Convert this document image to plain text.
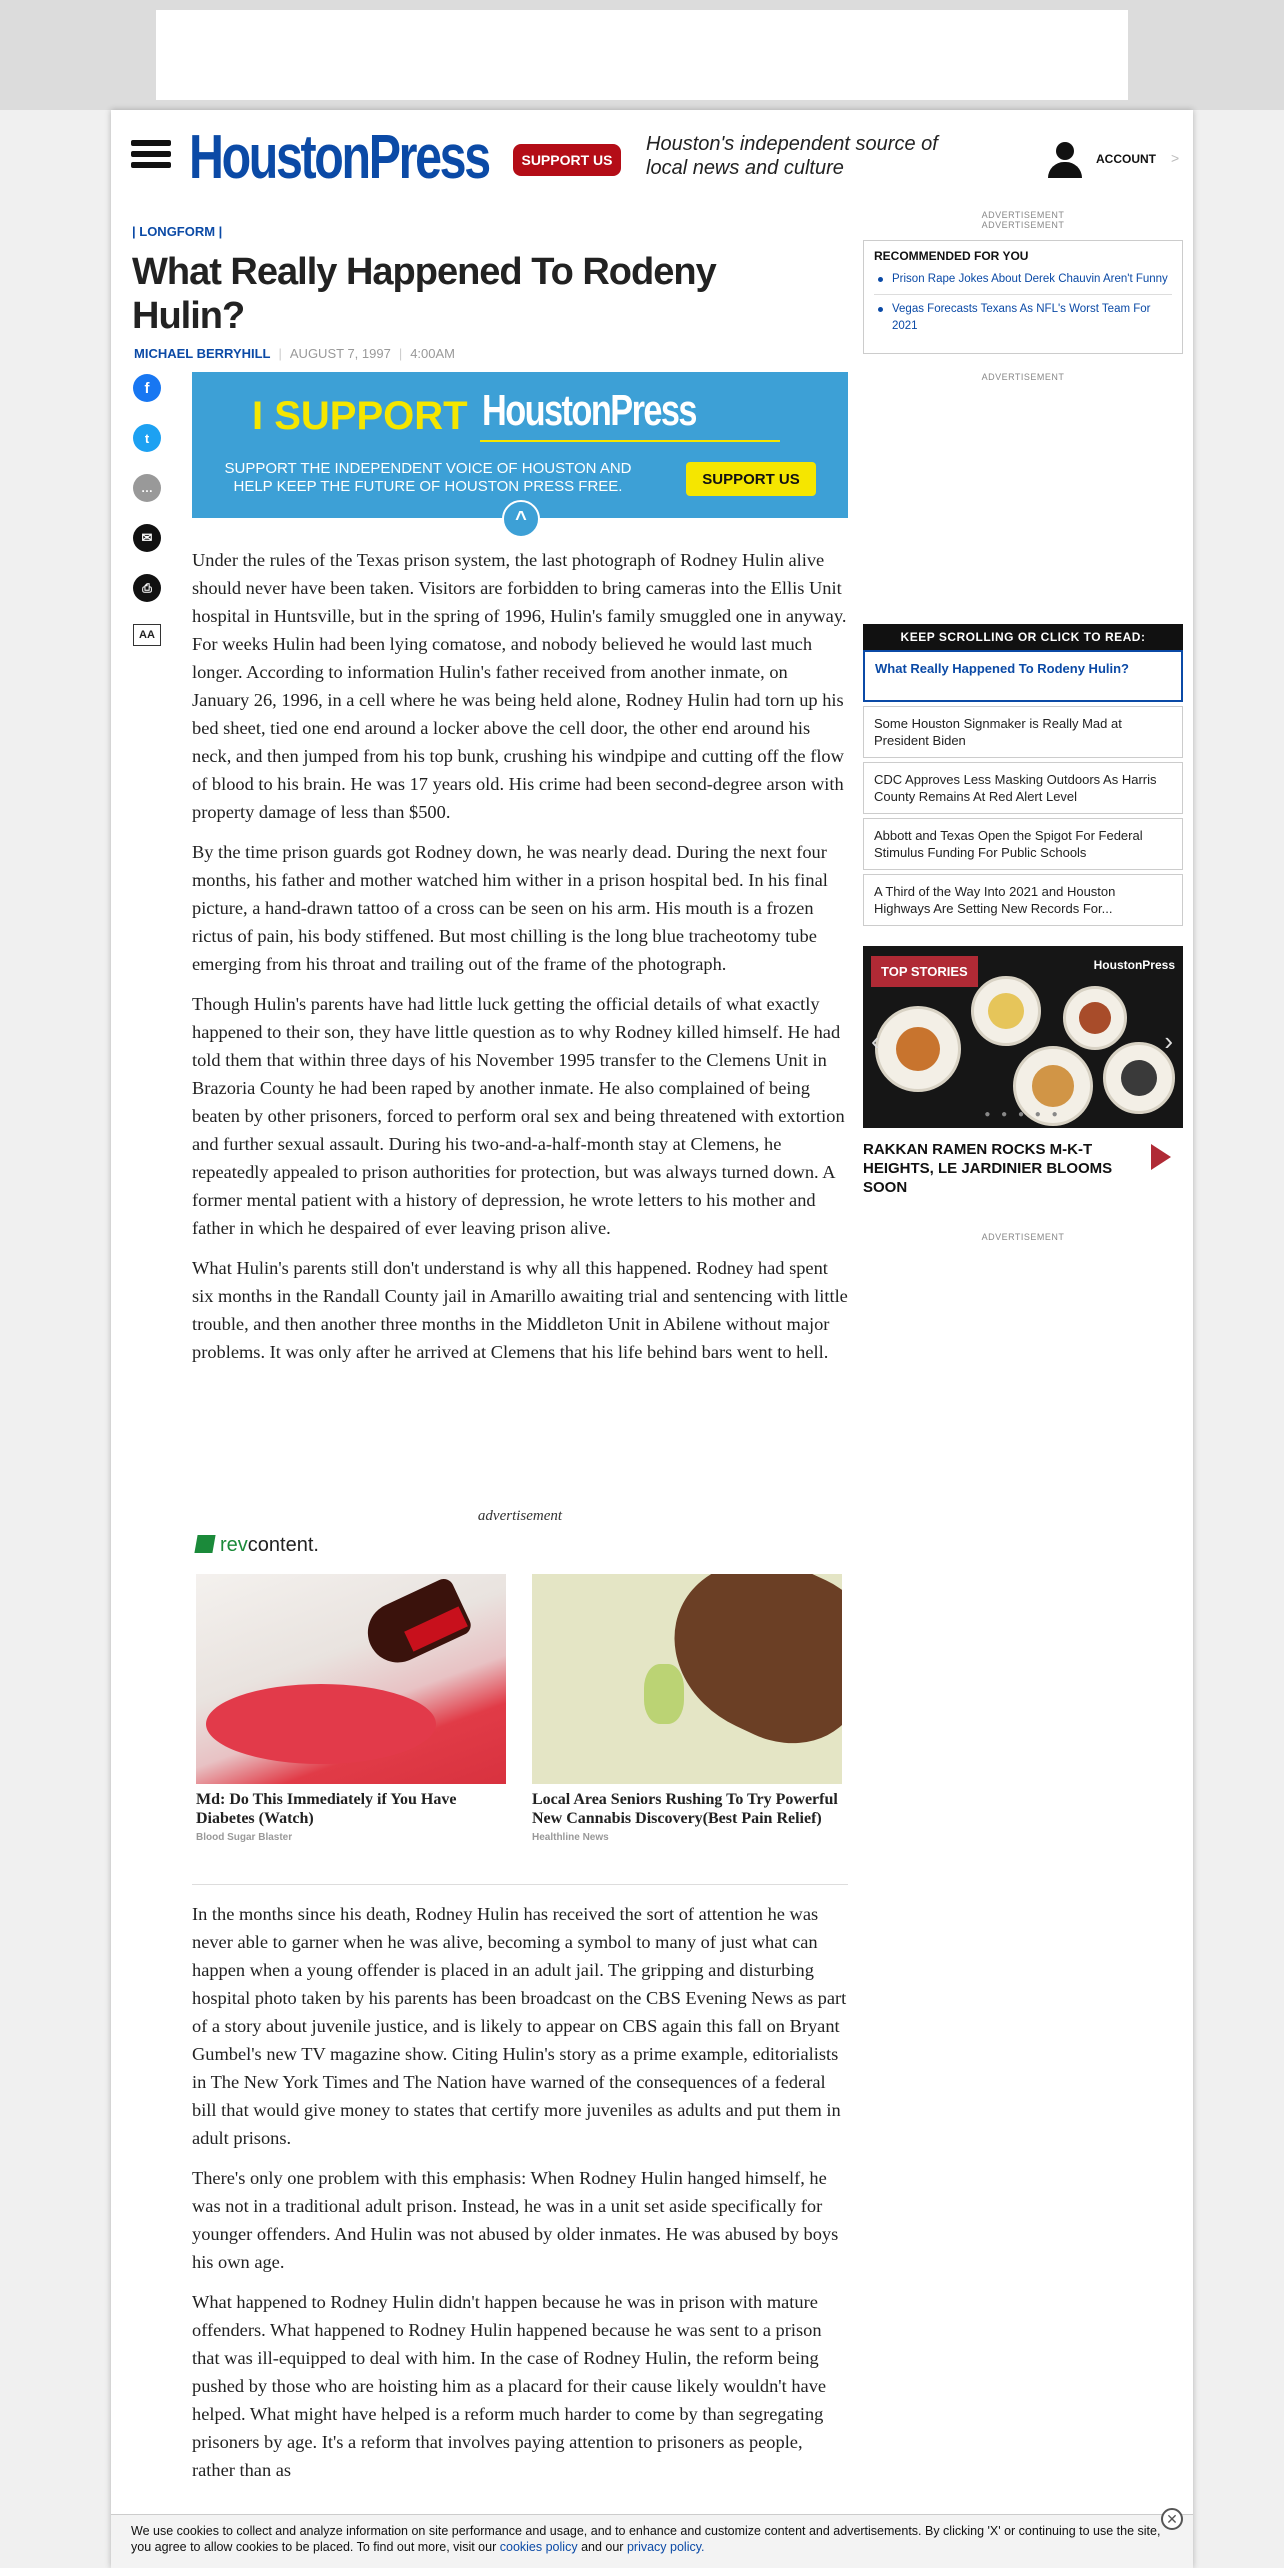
HoustonPress	SUPPORT US
Houston's independent source of local news and culture	ACCOUNT >
| LONGFORM |
What Really Happened To Rodeny Hulin?
MICHAEL BERRYHILL | AUGUST 7, 1997 | 4:00AM
f
t
…
✉
⎙
AA
I SUPPORT HoustonPress
SUPPORT THE INDEPENDENT VOICE OF HOUSTON AND HELP KEEP THE FUTURE OF HOUSTON PRESS FREE.	SUPPORT US
^

Under the rules of the Texas prison system, the last photograph of Rodney Hulin alive should never have been taken. Visitors are forbidden to bring cameras into the Ellis Unit hospital in Huntsville, but in the spring of 1996, Hulin's family smuggled one in anyway. For weeks Hulin had been lying comatose, and nobody believed he would last much longer. According to information Hulin's father received from another inmate, on January 26, 1996, in a cell where he was being held alone, Rodney Hulin had torn up his bed sheet, tied one end around a locker above the cell door, the other end around his neck, and then jumped from his top bunk, crushing his windpipe and cutting off the flow of blood to his brain. He was 17 years old. His crime had been second-degree arson with property damage of less than $500.

By the time prison guards got Rodney down, he was nearly dead. During the next four months, his father and mother watched him wither in a prison hospital bed. In his final picture, a hand-drawn tattoo of a cross can be seen on his arm. His mouth is a frozen rictus of pain, his body stiffened. But most chilling is the long blue tracheotomy tube emerging from his throat and trailing out of the frame of the photograph.

Though Hulin's parents have had little luck getting the official details of what exactly happened to their son, they have little question as to why Rodney killed himself. He had told them that within three days of his November 1995 transfer to the Clemens Unit in Brazoria County he had been raped by another inmate. He also complained of being beaten by other prisoners, forced to perform oral sex and being threatened with extortion and further sexual assault. During his two-and-a-half-month stay at Clemens, he repeatedly appealed to prison authorities for protection, but was always turned down. A former mental patient with a history of depression, he wrote letters to his mother and father in which he despaired of ever leaving prison alive.

What Hulin's parents still don't understand is why all this happened. Rodney had spent six months in the Randall County jail in Amarillo awaiting trial and sentencing with little trouble, and then another three months in the Middleton Unit in Abilene without major problems. It was only after he arrived at Clemens that his life behind bars went to hell.

advertisement
revcontent.
Md: Do This Immediately if You Have Diabetes (Watch)
Blood Sugar Blaster
Local Area Seniors Rushing To Try Powerful New Cannabis Discovery(Best Pain Relief)
Healthline News

In the months since his death, Rodney Hulin has received the sort of attention he was never able to garner when he was alive, becoming a symbol to many of just what can happen when a young offender is placed in an adult jail. The gripping and disturbing hospital photo taken by his parents has been broadcast on the CBS Evening News as part of a story about juvenile justice, and is likely to appear on CBS again this fall on Bryant Gumbel's new TV magazine show. Citing Hulin's story as a prime example, editorialists in The New York Times and The Nation have warned of the consequences of a federal bill that would give money to states that certify more juveniles as adults and put them in adult prisons.

There's only one problem with this emphasis: When Rodney Hulin hanged himself, he was not in a traditional adult prison. Instead, he was in a unit set aside specifically for younger offenders. And Hulin was not abused by older inmates. He was abused by boys his own age.

What happened to Rodney Hulin didn't happen because he was in prison with mature offenders. What happened to Rodney Hulin happened because he was sent to a prison that was ill-equipped to deal with him. In the case of Rodney Hulin, the reform being pushed by those who are hoisting him as a placard for their cause likely wouldn't have helped. What might have helped is a reform much harder to come by than segregating prisoners by age. It's a reform that involves paying attention to prisoners as people, rather than as

ADVERTISEMENT
ADVERTISEMENT
RECOMMENDED FOR YOU
Prison Rape Jokes About Derek Chauvin Aren't Funny
Vegas Forecasts Texans As NFL's Worst Team For 2021
ADVERTISEMENT
KEEP SCROLLING OR CLICK TO READ:
What Really Happened To Rodeny Hulin?
Some Houston Signmaker is Really Mad at President Biden
CDC Approves Less Masking Outdoors As Harris County Remains At Red Alert Level
Abbott and Texas Open the Spigot For Federal Stimulus Funding For Public Schools
A Third of the Way Into 2021 and Houston Highways Are Setting New Records For...
TOP STORIES	HoustonPress
‹	›
● ● ● ● ●
RAKKAN RAMEN ROCKS M-K-T HEIGHTS, LE JARDINIER BLOOMS SOON
ADVERTISEMENT
We use cookies to collect and analyze information on site performance and usage, and to enhance and customize content and advertisements. By clicking 'X' or continuing to use the site, you agree to allow cookies to be placed. To find out more, visit our cookies policy and our privacy policy.
✕
